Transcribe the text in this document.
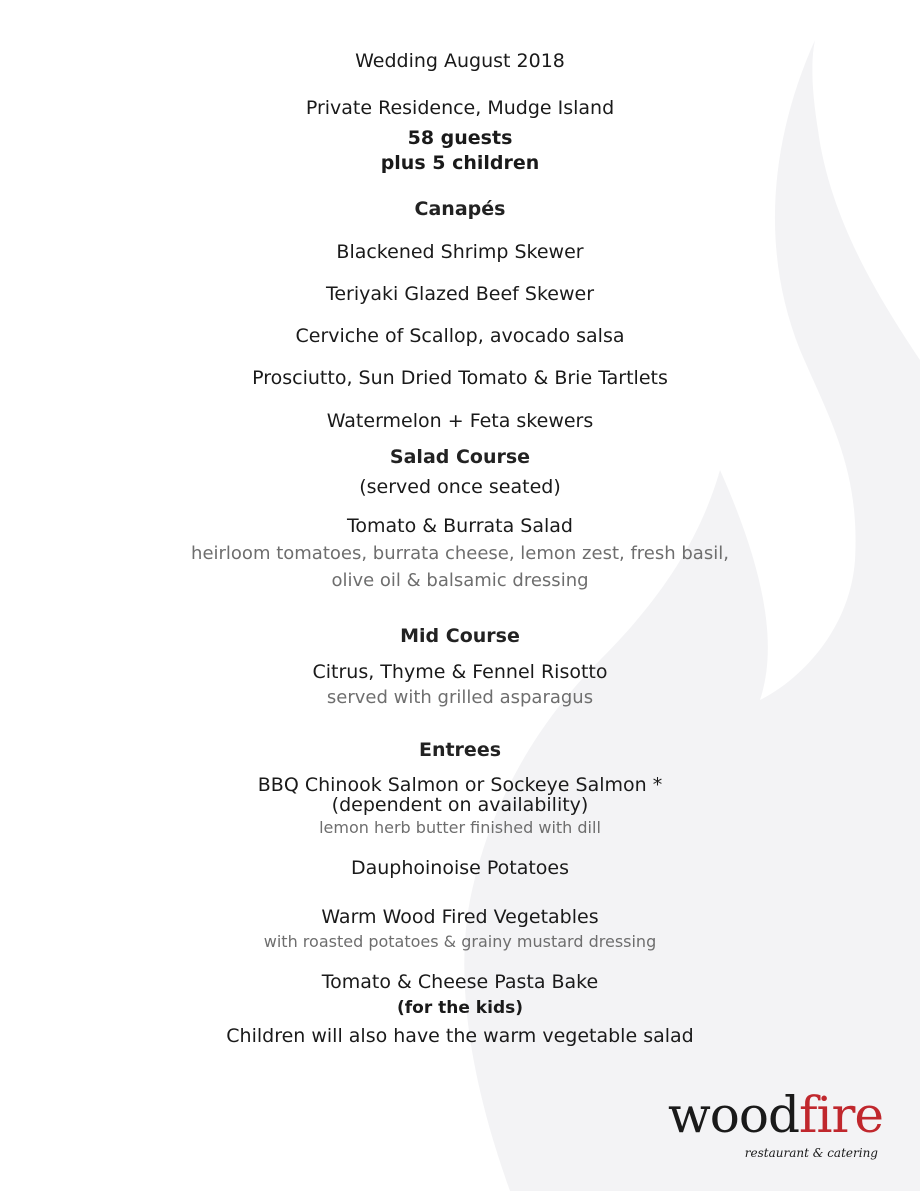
Wedding August 2018
Private Residence, Mudge Island
58 guests
plus 5 children
Canapés
Blackened Shrimp Skewer
Teriyaki Glazed Beef Skewer
Cerviche of Scallop, avocado salsa
Prosciutto, Sun Dried Tomato & Brie Tartlets
Watermelon + Feta skewers
Salad Course
(served once seated)
Tomato & Burrata Salad
heirloom tomatoes, burrata cheese, lemon zest, fresh basil,
olive oil & balsamic dressing
Mid Course
Citrus, Thyme & Fennel Risotto
served with grilled asparagus
Entrees
BBQ Chinook Salmon or Sockeye Salmon *
(dependent on availability)
lemon herb butter finished with dill
Dauphoinoise Potatoes
Warm Wood Fired Vegetables
with roasted potatoes & grainy mustard dressing
Tomato & Cheese Pasta Bake
(for the kids)
Children will also have the warm vegetable salad
woodfire
restaurant & catering
